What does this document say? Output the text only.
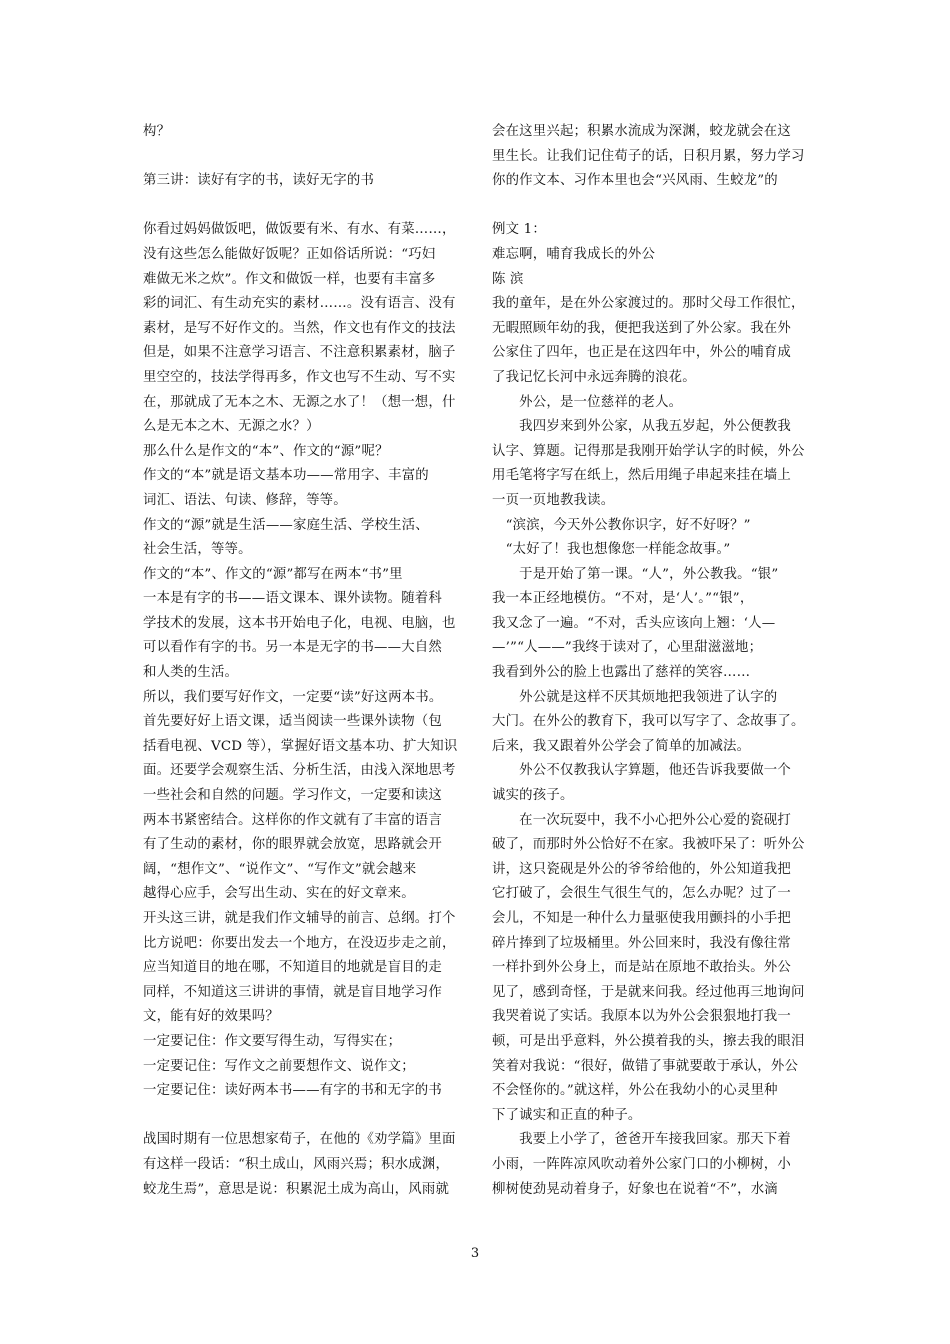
构？
第三讲：读好有字的书，读好无字的书
你看过妈妈做饭吧，做饭要有米、有水、有菜……，
没有这些怎么能做好饭呢？正如俗话所说：“巧妇
难做无米之炊”。作文和做饭一样，也要有丰富多
彩的词汇、有生动充实的素材……。没有语言、没有
素材，是写不好作文的。当然，作文也有作文的技法
但是，如果不注意学习语言、不注意积累素材，脑子
里空空的，技法学得再多，作文也写不生动、写不实
在，那就成了无本之木、无源之水了！（想一想，什
么是无本之木、无源之水？）
那么什么是作文的“本”、作文的“源”呢？
作文的“本”就是语文基本功——常用字、丰富的
词汇、语法、句读、修辞，等等。
作文的“源”就是生活——家庭生活、学校生活、
社会生活，等等。
作文的“本”、作文的“源”都写在两本“书”里
一本是有字的书——语文课本、课外读物。随着科
学技术的发展，这本书开始电子化，电视、电脑，也
可以看作有字的书。另一本是无字的书——大自然
和人类的生活。
所以，我们要写好作文，一定要“读”好这两本书。
首先要好好上语文课，适当阅读一些课外读物（包
括看电视、VCD 等），掌握好语文基本功、扩大知识
面。还要学会观察生活、分析生活，由浅入深地思考
一些社会和自然的问题。学习作文，一定要和读这
两本书紧密结合。这样你的作文就有了丰富的语言
有了生动的素材，你的眼界就会放宽，思路就会开
阔，“想作文”、“说作文”、“写作文”就会越来
越得心应手，会写出生动、实在的好文章来。
开头这三讲，就是我们作文辅导的前言、总纲。打个
比方说吧：你要出发去一个地方，在没迈步走之前，
应当知道目的地在哪，不知道目的地就是盲目的走
同样，不知道这三讲讲的事情，就是盲目地学习作
文，能有好的效果吗？
一定要记住：作文要写得生动，写得实在；
一定要记住：写作文之前要想作文、说作文；
一定要记住：读好两本书——有字的书和无字的书
战国时期有一位思想家荀子，在他的《劝学篇》里面
有这样一段话：“积土成山，风雨兴焉；积水成渊，
蛟龙生焉”，意思是说：积累泥土成为高山，风雨就
会在这里兴起；积累水流成为深渊，蛟龙就会在这
里生长。让我们记住荀子的话，日积月累，努力学习
你的作文本、习作本里也会“兴风雨、生蛟龙”的
例文 1：
难忘啊，哺育我成长的外公
陈 滨
我的童年，是在外公家渡过的。那时父母工作很忙，
无暇照顾年幼的我，便把我送到了外公家。我在外
公家住了四年，也正是在这四年中，外公的哺育成
了我记忆长河中永远奔腾的浪花。
　　外公，是一位慈祥的老人。
　　我四岁来到外公家，从我五岁起，外公便教我
认字、算题。记得那是我刚开始学认字的时候，外公
用毛笔将字写在纸上，然后用绳子串起来挂在墙上
一页一页地教我读。
　“滨滨，今天外公教你识字，好不好呀？”
　“太好了！我也想像您一样能念故事。”
　　于是开始了第一课。“人”，外公教我。“银”
我一本正经地模仿。“不对，是‘人’。”“银”，
我又念了一遍。“不对，舌头应该向上翘：‘人—
—’”“人——”我终于读对了，心里甜滋滋地；
我看到外公的脸上也露出了慈祥的笑容……
　　外公就是这样不厌其烦地把我领进了认字的
大门。在外公的教育下，我可以写字了、念故事了。
后来，我又跟着外公学会了简单的加减法。
　　外公不仅教我认字算题，他还告诉我要做一个
诚实的孩子。
　　在一次玩耍中，我不小心把外公心爱的瓷砚打
破了，而那时外公恰好不在家。我被吓呆了：听外公
讲，这只瓷砚是外公的爷爷给他的，外公知道我把
它打破了，会很生气很生气的，怎么办呢？过了一
会儿，不知是一种什么力量驱使我用颤抖的小手把
碎片捧到了垃圾桶里。外公回来时，我没有像往常
一样扑到外公身上，而是站在原地不敢抬头。外公
见了，感到奇怪，于是就来问我。经过他再三地询问
我哭着说了实话。我原本以为外公会狠狠地打我一
顿，可是出乎意料，外公摸着我的头，擦去我的眼泪
笑着对我说：“很好，做错了事就要敢于承认，外公
不会怪你的。”就这样，外公在我幼小的心灵里种
下了诚实和正直的种子。
　　我要上小学了，爸爸开车接我回家。那天下着
小雨，一阵阵凉风吹动着外公家门口的小柳树，小
柳树使劲晃动着身子，好象也在说着“不”，水滴
3
